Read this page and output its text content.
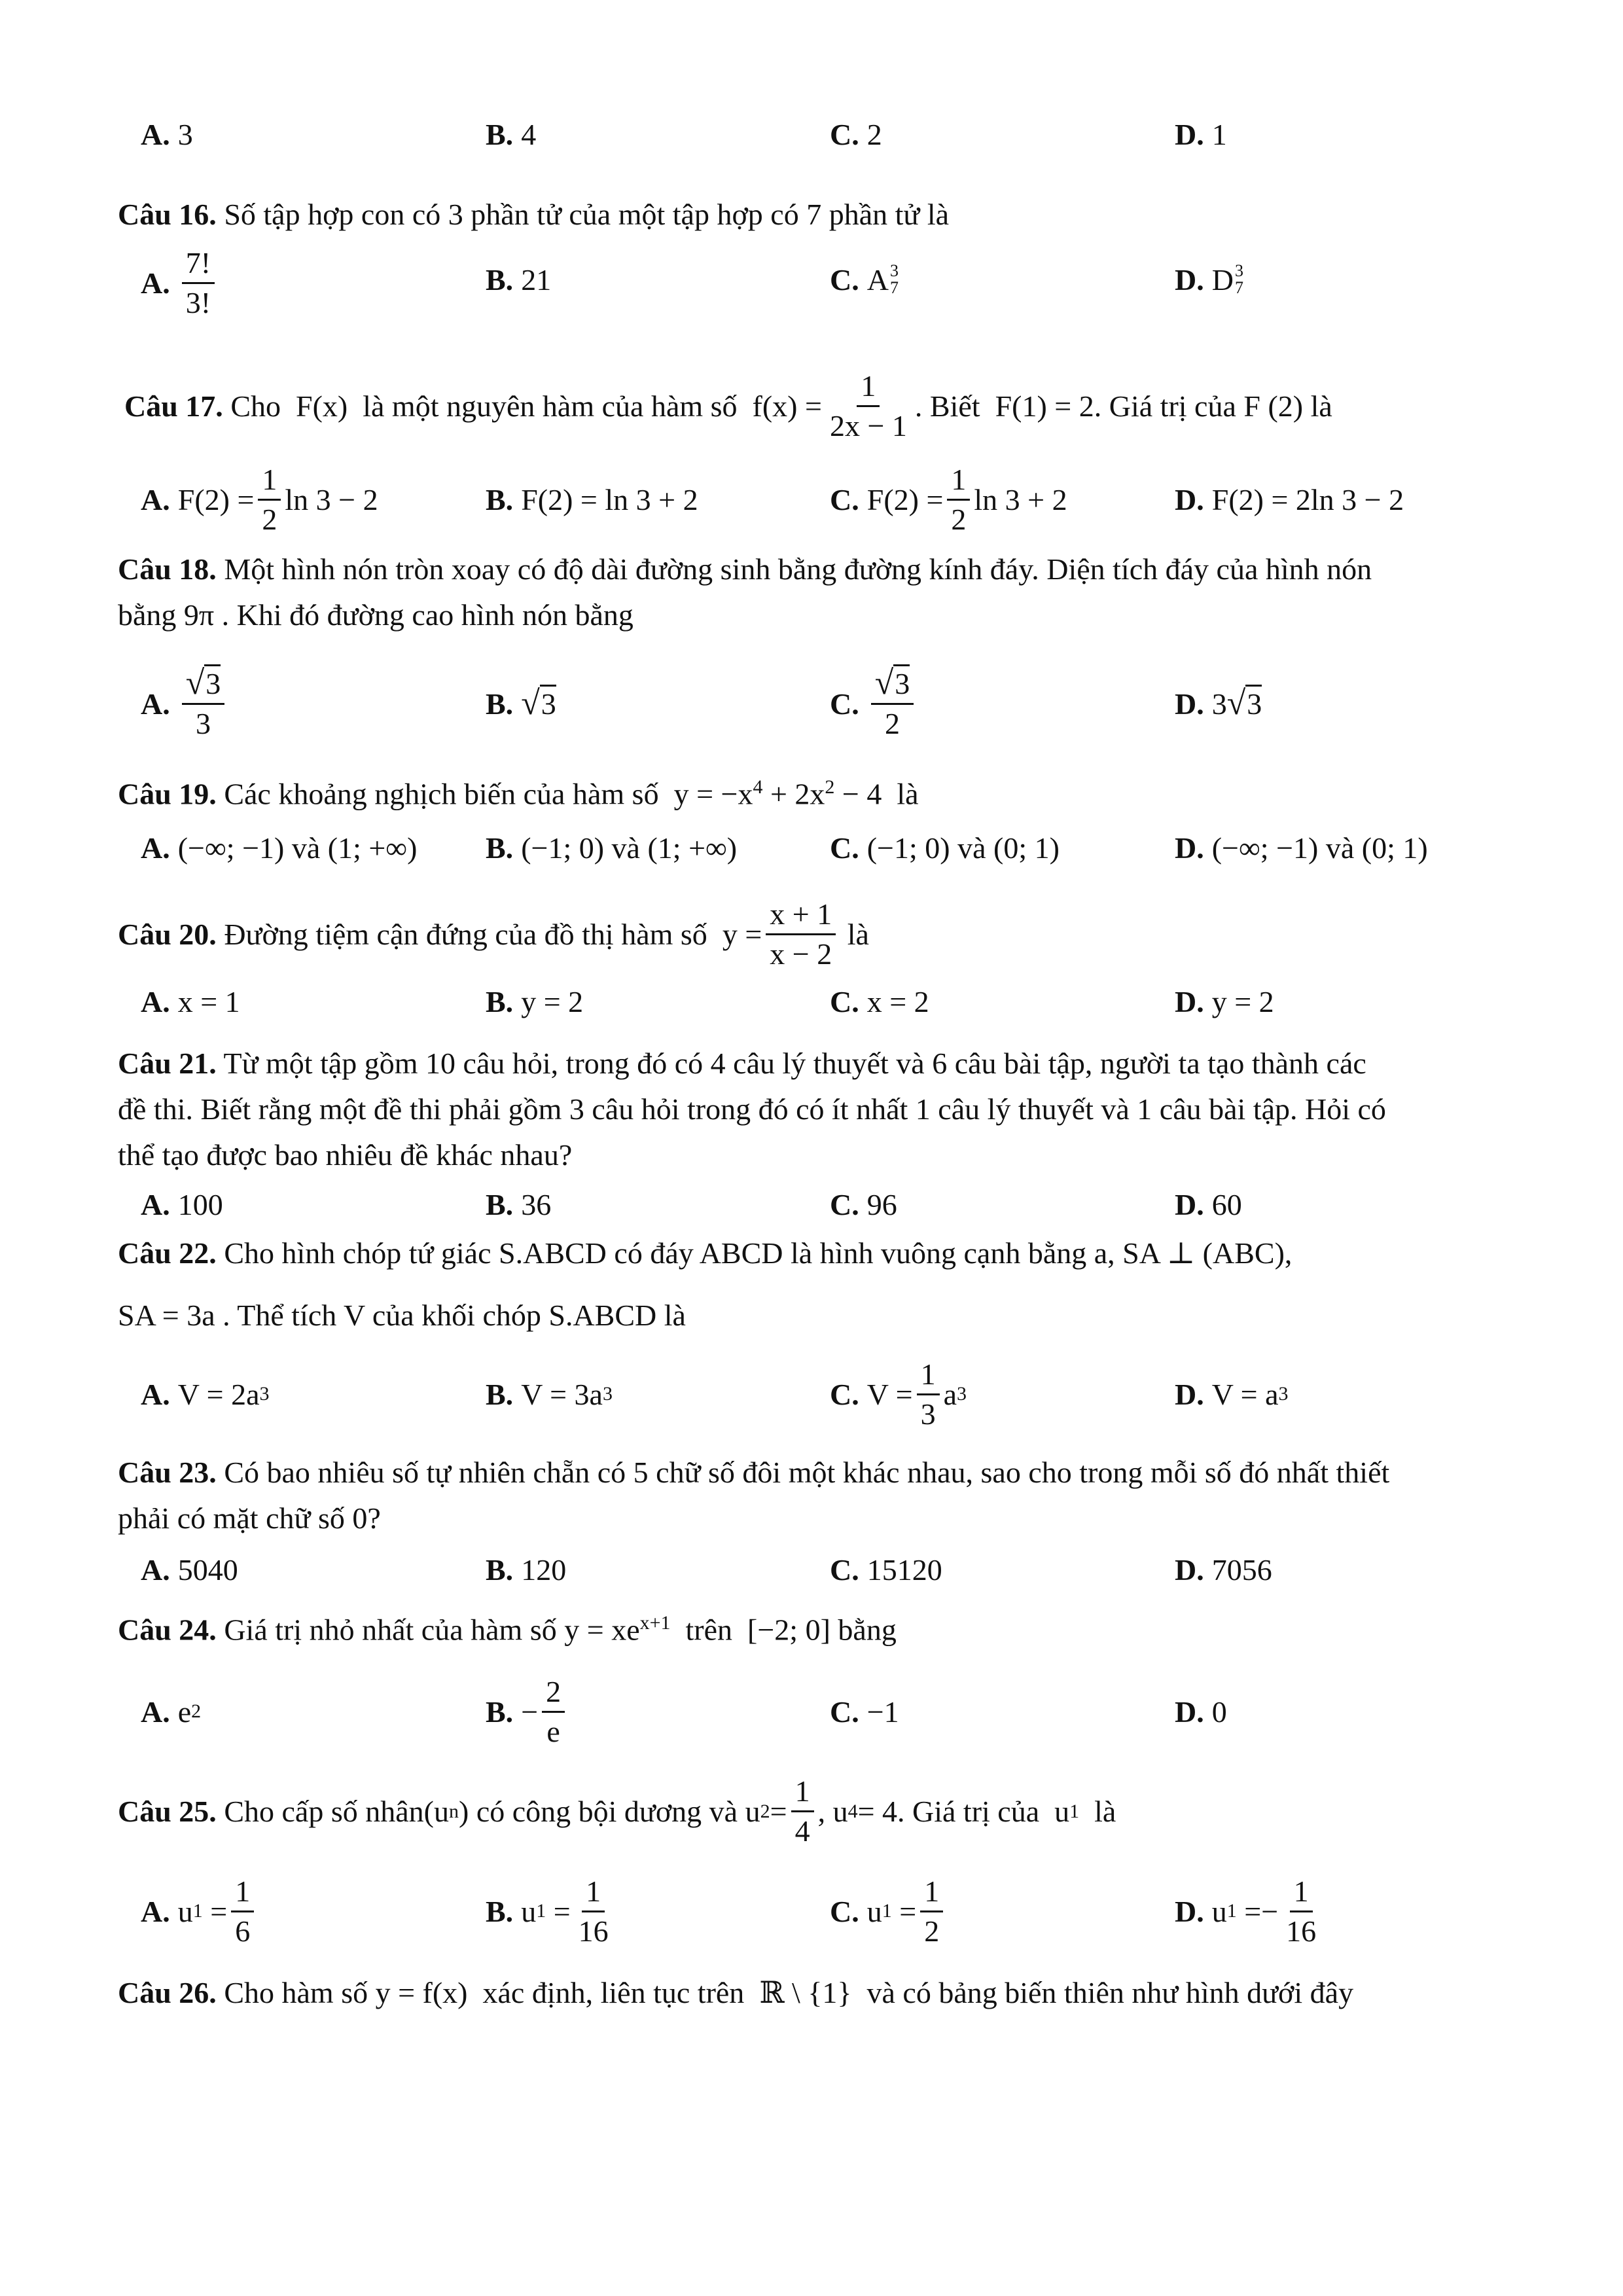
A. 3	B. 4	C. 2	D. 1
Câu 16. Số tập hợp con có 3 phần tử của một tập hợp có 7 phần tử là
A. $\frac{7!}{3!}$	B. 21	C. A 3
7	D. D 3
7
Câu 17.
Cho
F(x)
là một nguyên hàm của hàm số
$f(x) = \frac{1}{2x - 1}$ . Biết
F(1) = 2 . Giá trị của F (2) là
A. $F(2) = \frac{1}{2}$ ln 3 − 2	B. F(2) = ln 3 + 2	C. $F(2) = \frac{1}{2}$ ln 3 + 2	D. F(2) = 2ln 3 − 2
Câu 18. Một hình nón tròn xoay có độ dài đường sinh bằng đường kính đáy. Diện tích đáy của hình nón
bằng 9π . Khi đó đường cao hình nón bằng
A. $\frac{√ 3}{3}$	B. √ 3	C. $\frac{√ 3}{2}$	D. 3 √ 3
Câu 19. Các khoảng nghịch biến của hàm số $y = -x^4 + 2x^2 - 4$ là
A. (−∞; −1) và (1; +∞) B. (−1; 0) và (1; +∞)	C. (−1; 0) và (0; 1)	D. (−∞; −1) và (0; 1)
Câu 20.
Đường tiệm cận đứng của đồ thị hàm số
$y = \frac{x + 1}{x - 2}$
là
A. x = 1	B. y = 2	C. x = 2	D. y = 2
Câu 21. Từ một tập gồm 10 câu hỏi, trong đó có 4 câu lý thuyết và 6 câu bài tập, người ta tạo thành các
đề thi. Biết rằng một đề thi phải gồm 3 câu hỏi trong đó có ít nhất 1 câu lý thuyết và 1 câu bài tập. Hỏi có
thể tạo được bao nhiêu đề khác nhau?
A. 100	B. 36	C. 96	D. 60
Câu 22. Cho hình chóp tứ giác S.ABCD có đáy ABCD là hình vuông cạnh bằng a, SA ⊥ (ABC),
SA = 3a . Thể tích V của khối chóp S.ABCD là
A. V = 2a 3	B. V = 3a 3	C. $V = \frac{1}{3}$ a 3	D. V = a 3
Câu 23. Có bao nhiêu số tự nhiên chẵn có 5 chữ số đôi một khác nhau, sao cho trong mỗi số đó nhất thiết
phải có mặt chữ số 0?
A. 5040	B. 120	C. 15120	D. 7056
Câu 24. Giá trị nhỏ nhất của hàm số $y = xe^{x+1}$ trên [−2; 0] bằng
A. e 2	B. − $\frac{2}{e}$	C. −1	D. 0
Câu 25.
Cho cấp số nhân (u n )
có công bội dương và
u $2 = \frac{1}{4}$ , u 4 = 4 . Giá trị của
u 1
là
A. u 1
= $\frac{1}{6}$	B. u 1
= $\frac{1}{16}$	C. u 1
= $\frac{1}{2}$	D. u 1
= − $\frac{1}{16}$
Câu 26. Cho hàm số y = f(x) xác định, liên tục trên ℝ \ {1} và có bảng biến thiên như hình dưới đây
